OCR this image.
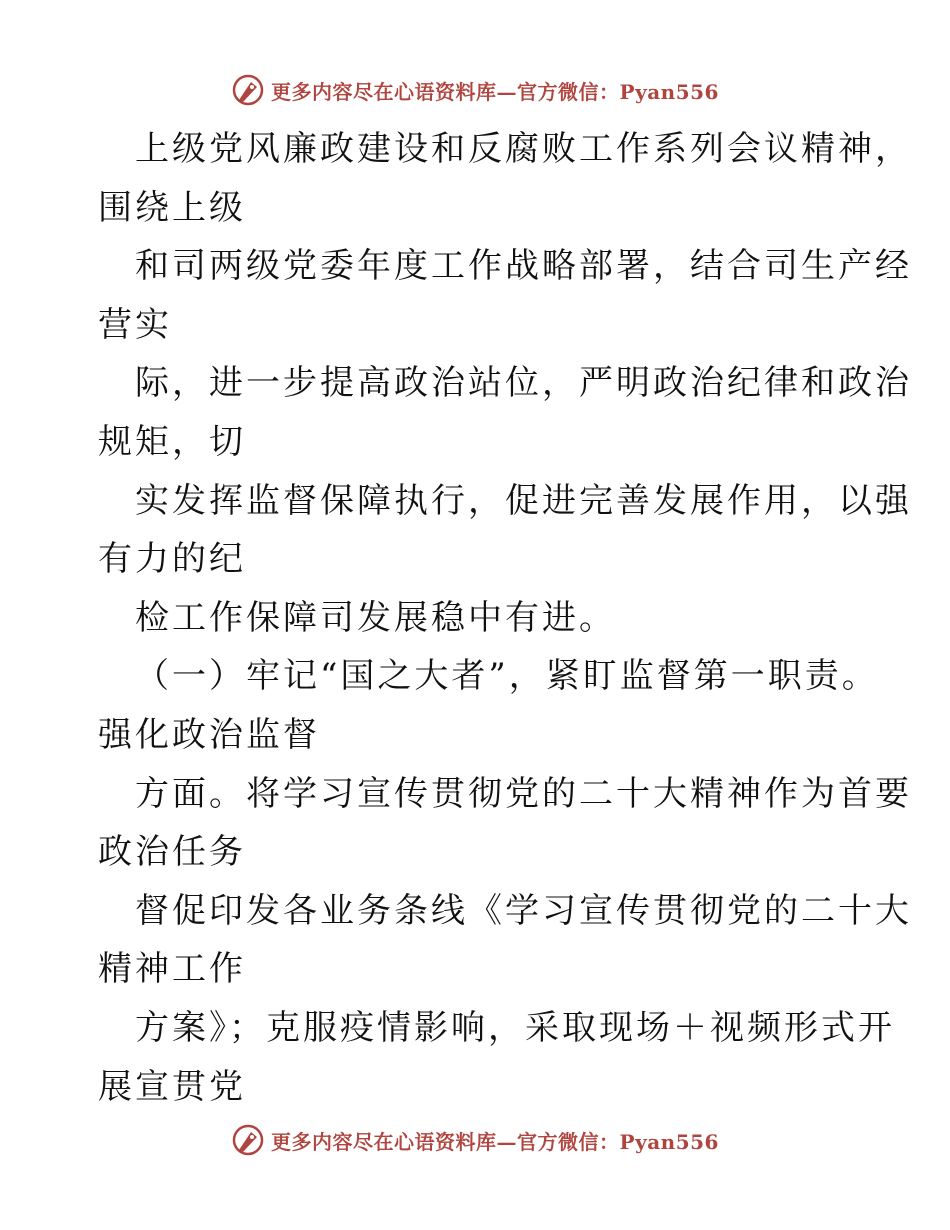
更多内容尽在心语资料库—官方微信：Pyan556
上级党风廉政建设和反腐败工作系列会议精神，
围绕上级
和司两级党委年度工作战略部署，结合司生产经
营实
际，进一步提高政治站位，严明政治纪律和政治
规矩，切
实发挥监督保障执行，促进完善发展作用，以强
有力的纪
检工作保障司发展稳中有进。
（一）牢记“国之大者”，紧盯监督第一职责。
强化政治监督
方面。将学习宣传贯彻党的二十大精神作为首要
政治任务
督促印发各业务条线《学习宣传贯彻党的二十大
精神工作
方案》；克服疫情影响，采取现场＋视频形式开
展宣贯党
更多内容尽在心语资料库—官方微信：Pyan556
